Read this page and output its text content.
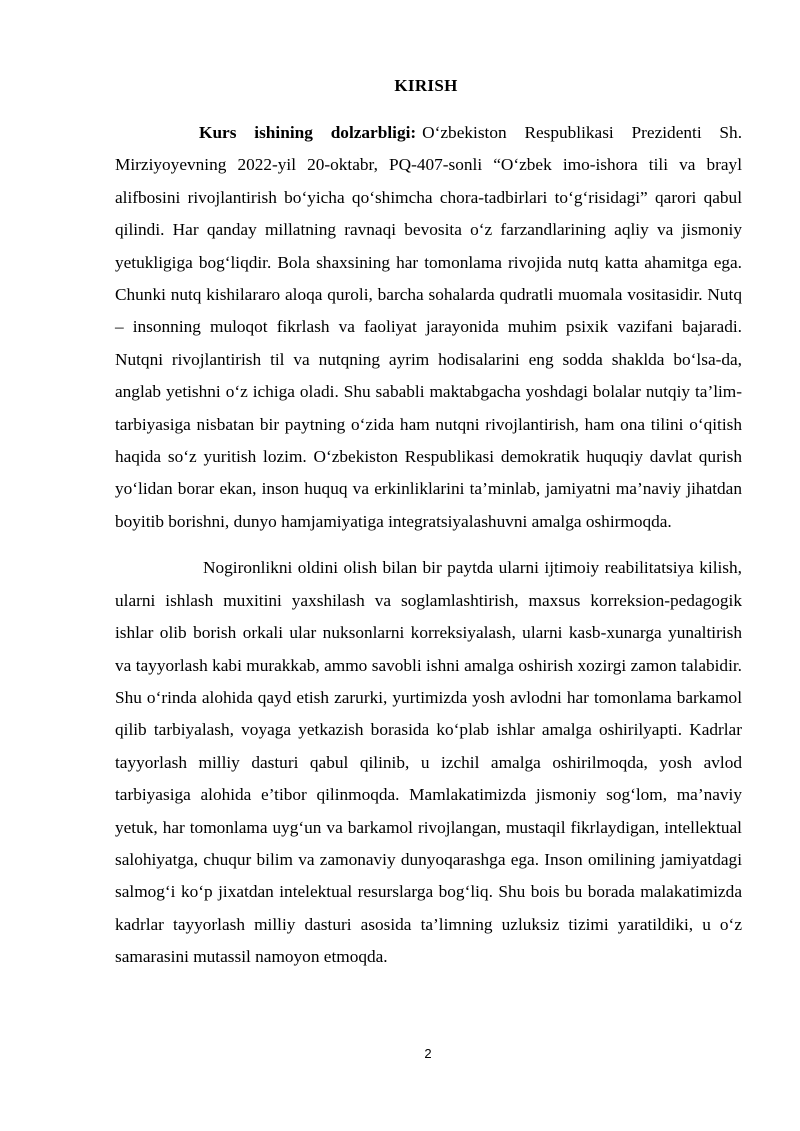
KIRISH

Kurs ishining dolzarbligi: O‘zbekiston Respublikasi Prezidenti Sh. Mirziyoyevning 2022-yil 20-oktabr, PQ-407-sonli “O‘zbek imo-ishora tili va brayl alifbosini rivojlantirish bo‘yicha qo‘shimcha chora-tadbirlari to‘g‘risidagi” qarori qabul qilindi. Har qanday millatning ravnaqi bevosita o‘z farzandlarining aqliy va jismoniy yetukligiga bog‘liqdir. Bola shaxsining har tomonlama rivojida nutq katta ahamitga ega. Chunki nutq kishilararo aloqa quroli, barcha sohalarda qudratli muomala vositasidir. Nutq – insonning muloqot fikrlash va faoliyat jarayonida muhim psixik vazifani bajaradi. Nutqni rivojlantirish til va nutqning ayrim hodisalarini eng sodda shaklda bo‘lsa-da, anglab yetishni o‘z ichiga oladi. Shu sababli maktabgacha yoshdagi bolalar nutqiy ta’lim-tarbiyasiga nisbatan bir paytning o‘zida ham nutqni rivojlantirish, ham ona tilini o‘qitish haqida so‘z yuritish lozim. O‘zbekiston Respublikasi demokratik huquqiy davlat qurish yo‘lidan borar ekan, inson huquq va erkinliklarini ta’minlab, jamiyatni ma’naviy jihatdan boyitib borishni, dunyo hamjamiyatiga integratsiyalashuvni amalga oshirmoqda.

Nogironlikni oldini olish bilan bir paytda ularni ijtimoiy reabilitatsiya kilish, ularni ishlash muxitini yaxshilash va soglamlashtirish, maxsus korreksion-pedagogik ishlar olib borish orkali ular nuksonlarni korreksiyalash, ularni kasb-xunarga yunaltirish va tayyorlash kabi murakkab, ammo savobli ishni amalga oshirish xozirgi zamon talabidir. Shu o‘rinda alohida qayd etish zarurki, yurtimizda yosh avlodni har tomonlama barkamol qilib tarbiyalash, voyaga yetkazish borasida ko‘plab ishlar amalga oshirilyapti. Kadrlar tayyorlash milliy dasturi qabul qilinib, u izchil amalga oshirilmoqda, yosh avlod tarbiyasiga alohida e’tibor qilinmoqda. Mamlakatimizda jismoniy sog‘lom, ma’naviy yetuk, har tomonlama uyg‘un va barkamol rivojlangan, mustaqil fikrlaydigan, intellektual salohiyatga, chuqur bilim va zamonaviy dunyoqarashga ega. Inson omilining jamiyatdagi salmog‘i ko‘p jixatdan intelektual resurslarga bog‘liq. Shu bois bu borada malakatimizda kadrlar tayyorlash milliy dasturi asosida ta’limning uzluksiz tizimi yaratildiki, u o‘z samarasini mutassil namoyon etmoqda.

2
